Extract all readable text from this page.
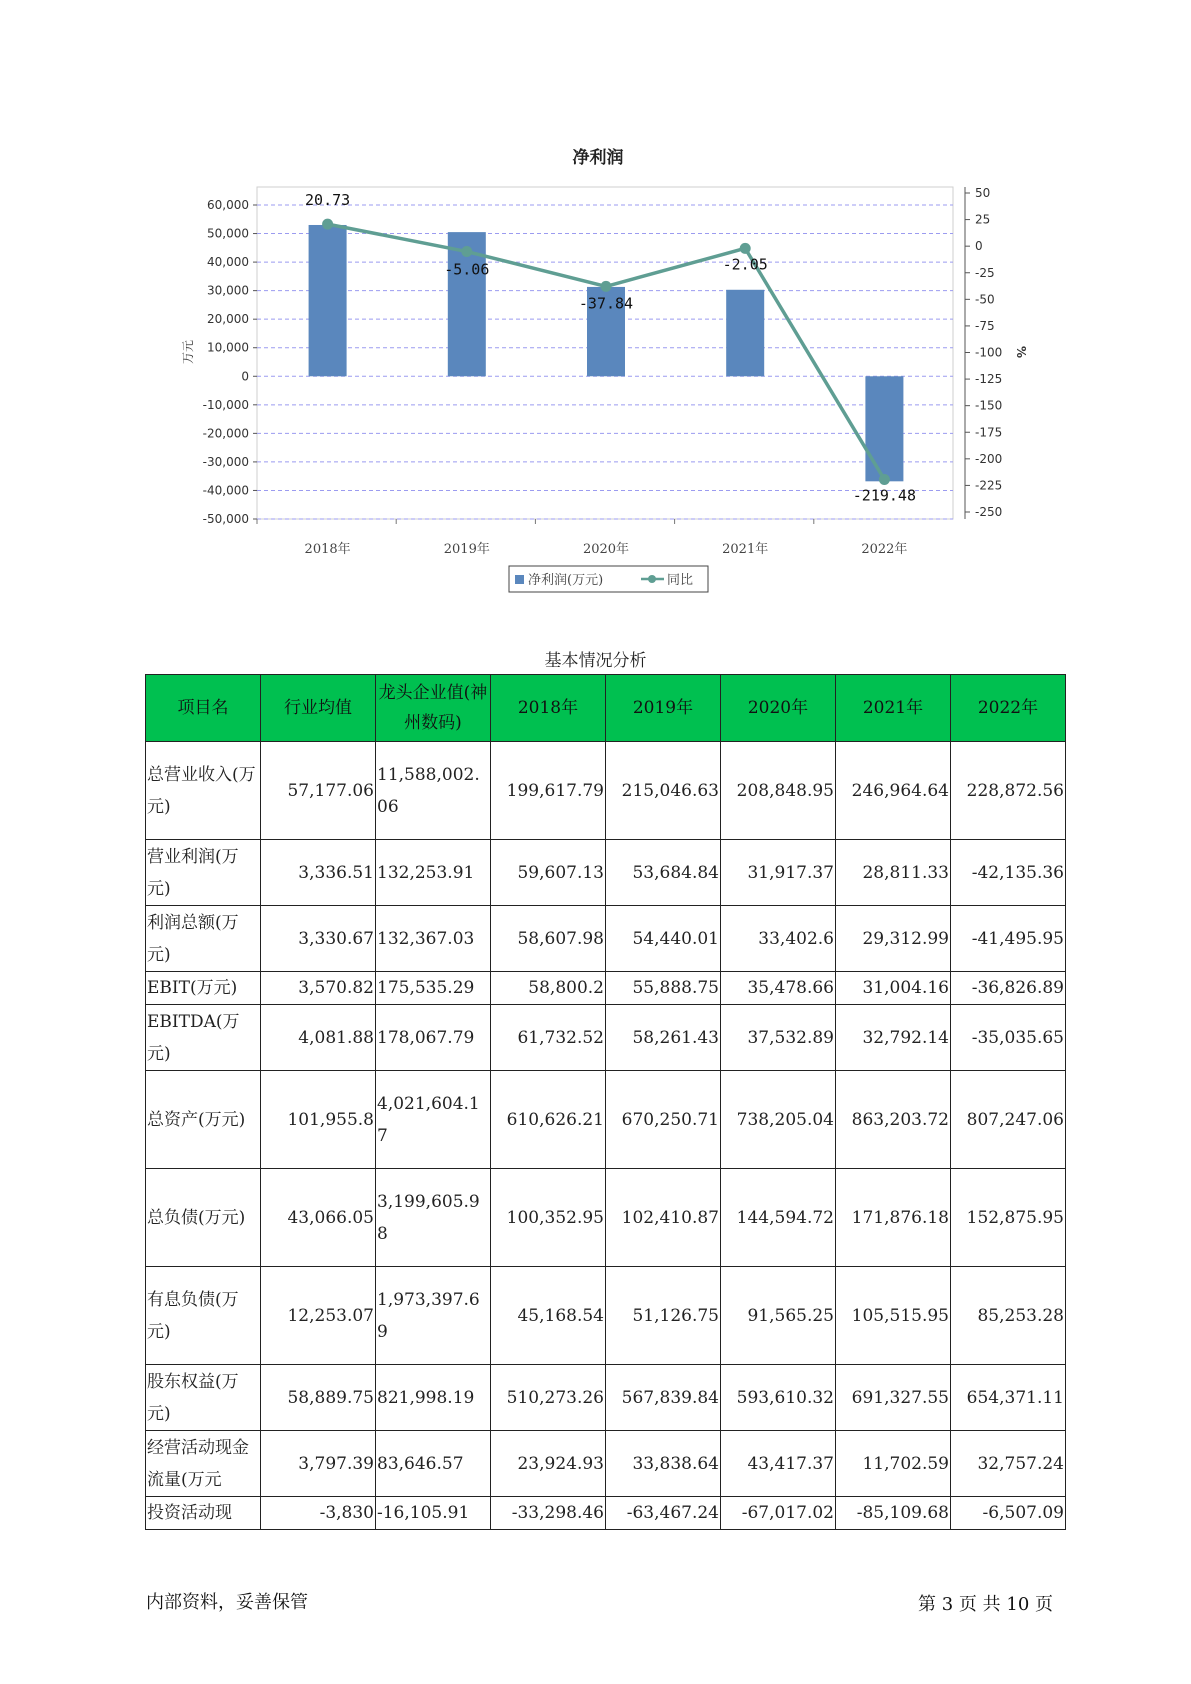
净利润
60,000
50,000
40,000
30,000
20,000
10,000
0
-10,000
-20,000
-30,000
-40,000
-50,000
万元
50
25
0
-25
-50
-75
-100
-125
-150
-175
-200
-225
-250
%
2018年	2019年	2020年	2021年	2022年
20.73
-5.06
-37.84
-2.05
-219.48
净利润(万元)	同比
基本情况分析
项目名	行业均值	龙头企业值(神州数码)	2018年	2019年	2020年	2021年	2022年
总营业收入(万元)	57,177.06	11,588,002.06	199,617.79	215,046.63	208,848.95	246,964.64	228,872.56
营业利润(万元)	3,336.51	132,253.91	59,607.13	53,684.84	31,917.37	28,811.33	-42,135.36
利润总额(万元)	3,330.67	132,367.03	58,607.98	54,440.01	33,402.6	29,312.99	-41,495.95
EBIT(万元)	3,570.82	175,535.29	58,800.2	55,888.75	35,478.66	31,004.16	-36,826.89
EBITDA(万元)	4,081.88	178,067.79	61,732.52	58,261.43	37,532.89	32,792.14	-35,035.65
总资产(万元)	101,955.8	4,021,604.17	610,626.21	670,250.71	738,205.04	863,203.72	807,247.06
总负债(万元)	43,066.05	3,199,605.98	100,352.95	102,410.87	144,594.72	171,876.18	152,875.95
有息负债(万元)	12,253.07	1,973,397.69	45,168.54	51,126.75	91,565.25	105,515.95	85,253.28
股东权益(万元)	58,889.75	821,998.19	510,273.26	567,839.84	593,610.32	691,327.55	654,371.11
经营活动现金流量(万元	3,797.39	83,646.57	23,924.93	33,838.64	43,417.37	11,702.59	32,757.24
投资活动现	-3,830	-16,105.91	-33,298.46	-63,467.24	-67,017.02	-85,109.68	-6,507.09
内部资料，妥善保管	第 3 页 共 10 页
